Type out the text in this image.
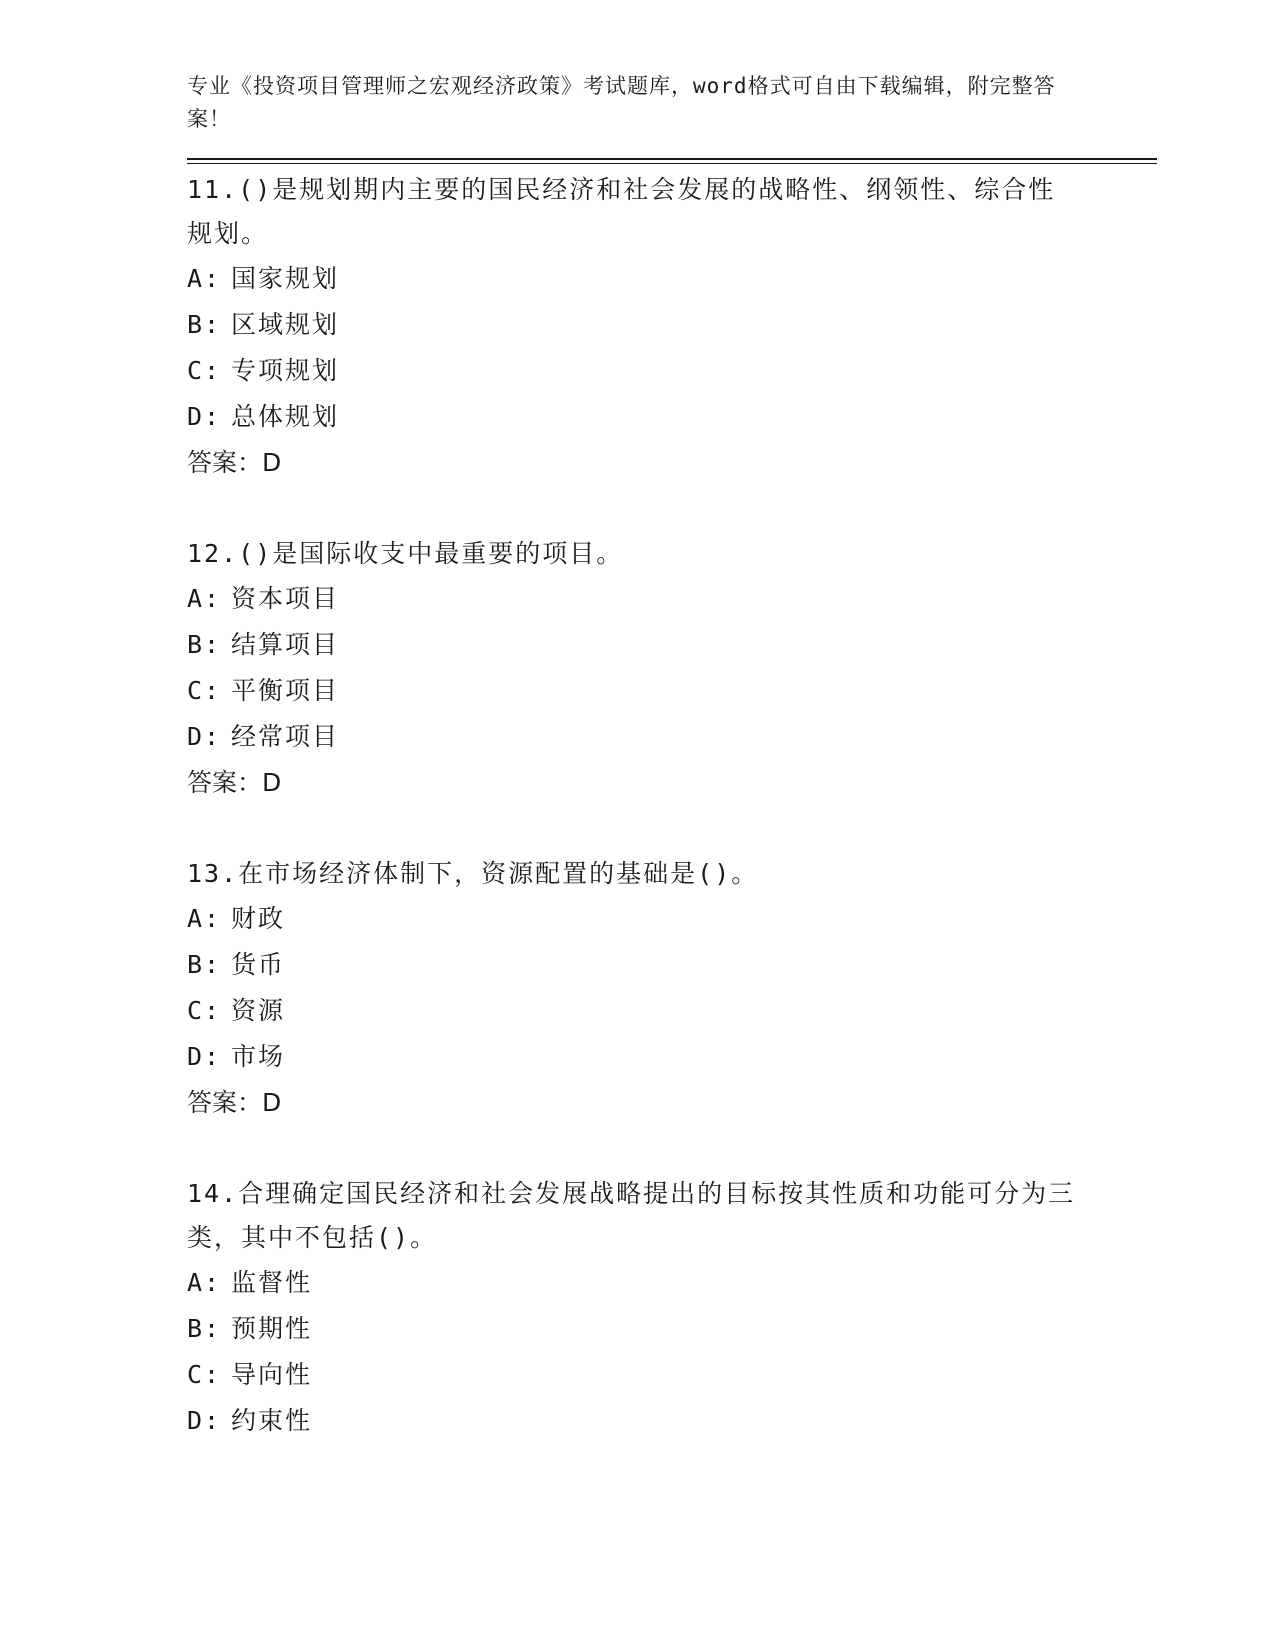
专业《投资项目管理师之宏观经济政策》考试题库，word格式可自由下载编辑，附完整答案！

11.()是规划期内主要的国民经济和社会发展的战略性、纲领性、综合性规划。

A: 国家规划
B: 区域规划
C: 专项规划
D: 总体规划

答案：D

12.()是国际收支中最重要的项目。

A: 资本项目
B: 结算项目
C: 平衡项目
D: 经常项目

答案：D

13.在市场经济体制下，资源配置的基础是()。

A: 财政
B: 货币
C: 资源
D: 市场

答案：D

14.合理确定国民经济和社会发展战略提出的目标按其性质和功能可分为三类，其中不包括()。

A: 监督性
B: 预期性
C: 导向性
D: 约束性
